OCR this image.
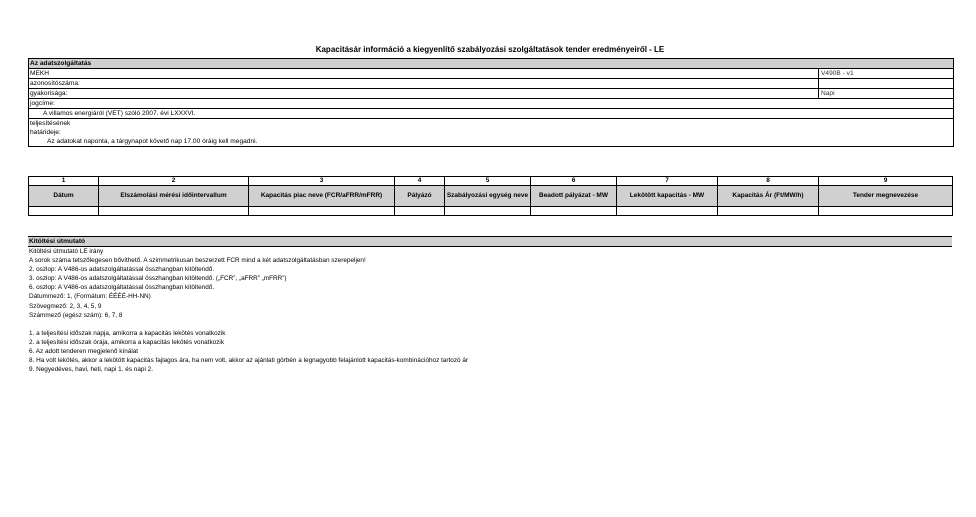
Kapacitásár információ a kiegyenlítő szabályozási szolgáltatások tender eredményeiről - LE
Az adatszolgáltatás
MEKH	V490B - v1
azonosítószáma:
gyakorisága:	Napi
jogcíme:
A villamos energiáról (VET) szóló 2007. évi LXXXVI.
teljesítésének
határideje:
Az adatokat naponta, a tárgynapot követő nap 17.00 óráig kell megadni.
1	2	3	4	5	6	7	8	9
Dátum	Elszámolási mérési időintervallum	Kapacitás piac neve (FCR/aFRR/mFRR)	Pályázó	Szabályozási egység neve	Beadott pályázat - MW	Lekötött kapacitás - MW	Kapacitás Ár (Ft/MW/h)	Tender megnevezése

Kitöltési útmutató
Kitöltési útmutató LE irány
A sorok száma tetszőlegesen bővíthető. A szimmetrikusan beszerzett FCR mind a két adatszolgáltatásban szerepeljen!
2. oszlop: A V486-os adatszolgáltatással összhangban kitöltendő.
3. oszlop: A V486-os adatszolgáltatással összhangban kitöltendő. („FCR”, „aFRR” „mFRR”)
6. oszlop: A V486-os adatszolgáltatással összhangban kitöltendő.
Dátummező: 1, (Formátum: ÉÉÉÉ-HH-NN)
Szövegmező: 2, 3, 4, 5, 9
Számmező (egész szám): 6, 7, 8
1. a teljesítési időszak napja, amikorra a kapacitás lekötés vonatkozik
2. a teljesítési időszak órája, amikorra a kapacitás lekötés vonatkozik
6. Az adott tenderen megjelenő kínálat
8. Ha volt lekötés, akkor a lekötött kapacitás fajlagos ára, ha nem volt, akkor az ajánlati görbén a legnagyobb felajánlott kapacitás-kombinációhoz tartozó ár
9. Negyedéves, havi, heti, napi 1. és napi 2.
